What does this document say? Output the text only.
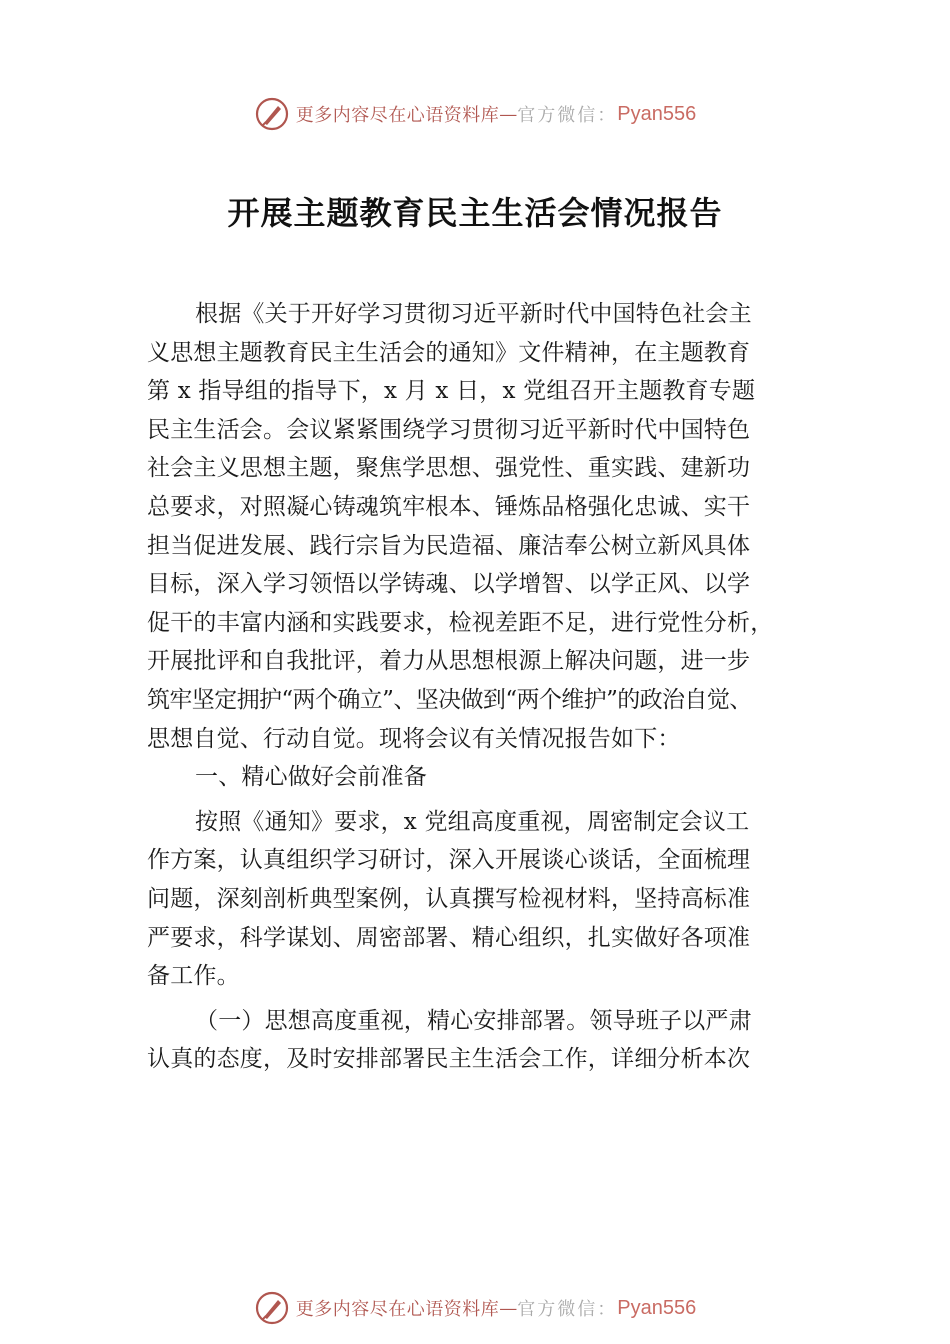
更多内容尽在心语资料库 — 官方微信： Pyan556
开展主题教育民主生活会情况报告
根据《关于开好学习贯彻习近平新时代中国特色社会主
义思想主题教育民主生活会的通知》文件精神，在主题教育
第 x 指导组的指导下，x 月 x 日，x 党组召开主题教育专题
民主生活会。会议紧紧围绕学习贯彻习近平新时代中国特色
社会主义思想主题，聚焦学思想、强党性、重实践、建新功
总要求，对照凝心铸魂筑牢根本、锤炼品格强化忠诚、实干
担当促进发展、践行宗旨为民造福、廉洁奉公树立新风具体
目标，深入学习领悟以学铸魂、以学增智、以学正风、以学
促干的丰富内涵和实践要求，检视差距不足，进行党性分析，
开展批评和自我批评，着力从思想根源上解决问题，进一步
筑牢坚定拥护“两个确立”、坚决做到“两个维护”的政治自觉、
思想自觉、行动自觉。现将会议有关情况报告如下：
一、精心做好会前准备
按照《通知》要求，x 党组高度重视，周密制定会议工
作方案，认真组织学习研讨，深入开展谈心谈话，全面梳理
问题，深刻剖析典型案例，认真撰写检视材料，坚持高标准
严要求，科学谋划、周密部署、精心组织，扎实做好各项准
备工作。
（一）思想高度重视，精心安排部署。领导班子以严肃
认真的态度，及时安排部署民主生活会工作，详细分析本次
更多内容尽在心语资料库 — 官方微信： Pyan556
